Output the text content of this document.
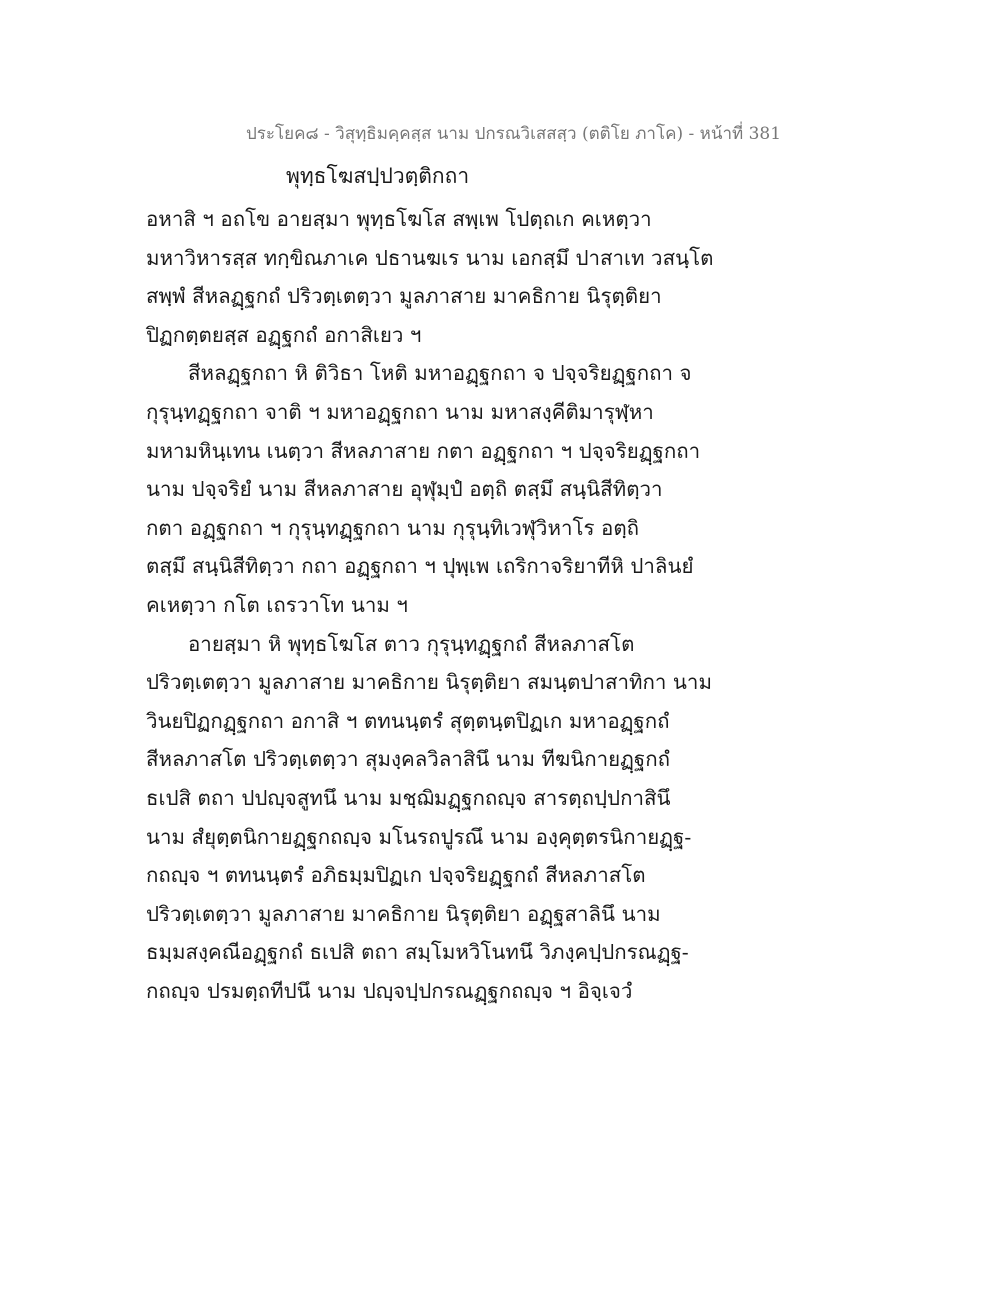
ประโยค๘ - วิสุทฺธิมคฺคสฺส นาม ปกรณวิเสสสฺว (ตติโย ภาโค) - หน้าที่ 381
พุทฺธโฆสปฺปวตฺติกถา
อหาสิ ฯ อถโข อายสฺมา พุทฺธโฆโส สพฺเพ โปตฺถเก คเหตฺวา
มหาวิหารสฺส ทกฺขิณภาเค ปธานฆเร นาม เอกสฺมึ ปาสาเท วสนฺโต
สพฺพํ สีหลฏฺฐกถํ ปริวตฺเตตฺวา มูลภาสาย มาคธิกาย นิรุตฺติยา
ปิฏกตฺตยสฺส อฏฺฐกถํ อกาสิเยว ฯ
สีหลฏฺฐกถา หิ ติวิธา โหติ มหาอฏฺฐกถา จ ปจฺจริยฏฺฐกถา จ
กุรุนฺทฏฺฐกถา จาติ ฯ มหาอฏฺฐกถา นาม มหาสงฺคีติมารุฬฺหา
มหามหินฺเทน เนตฺวา สีหลภาสาย กตา อฏฺฐกถา ฯ ปจฺจริยฏฺฐกถา
นาม ปจฺจริยํ นาม สีหลภาสาย อุฬุมฺปํ อตฺถิ ตสฺมึ สนฺนิสีทิตฺวา
กตา อฏฺฐกถา ฯ กุรุนฺทฏฺฐกถา นาม กุรุนฺทิเวฬุวิหาโร อตฺถิ
ตสฺมึ สนฺนิสีทิตฺวา กถา อฏฺฐกถา ฯ ปุพฺเพ เถริกาจริยาทีหิ ปาลินยํ
คเหตฺวา กโต เถรวาโท นาม ฯ
อายสฺมา หิ พุทฺธโฆโส ตาว กุรุนฺทฏฺฐกถํ สีหลภาสโต
ปริวตฺเตตฺวา มูลภาสาย มาคธิกาย นิรุตฺติยา สมนฺตปาสาทิกา นาม
วินยปิฏกฏฺฐกถา อกาสิ ฯ ตทนนฺตรํ สุตฺตนฺตปิฏเก มหาอฏฺฐกถํ
สีหลภาสโต ปริวตฺเตตฺวา สุมงฺคลวิลาสินึ นาม ทีฆนิกายฏฺฐกถํ
ธเปสิ ตถา ปปญฺจสูทนึ นาม มชฺฌิมฏฺฐกถญฺจ สารตฺถปฺปกาสินึ
นาม สํยุตฺตนิกายฏฺฐกถญฺจ มโนรถปูรณึ นาม องฺคุตฺตรนิกายฏฺฐ-
กถญฺจ ฯ ตทนนฺตรํ อภิธมฺมปิฏเก ปจฺจริยฏฺฐกถํ สีหลภาสโต
ปริวตฺเตตฺวา มูลภาสาย มาคธิกาย นิรุตฺติยา อฏฺฐสาลินึ นาม
ธมฺมสงฺคณีอฏฺฐกถํ ธเปสิ ตถา สมฺโมหวิโนทนึ วิภงฺคปฺปกรณฏฺฐ-
กถญฺจ ปรมตฺถทีปนึ นาม ปญฺจปฺปกรณฏฺฐกถญฺจ ฯ อิจฺเจวํ
